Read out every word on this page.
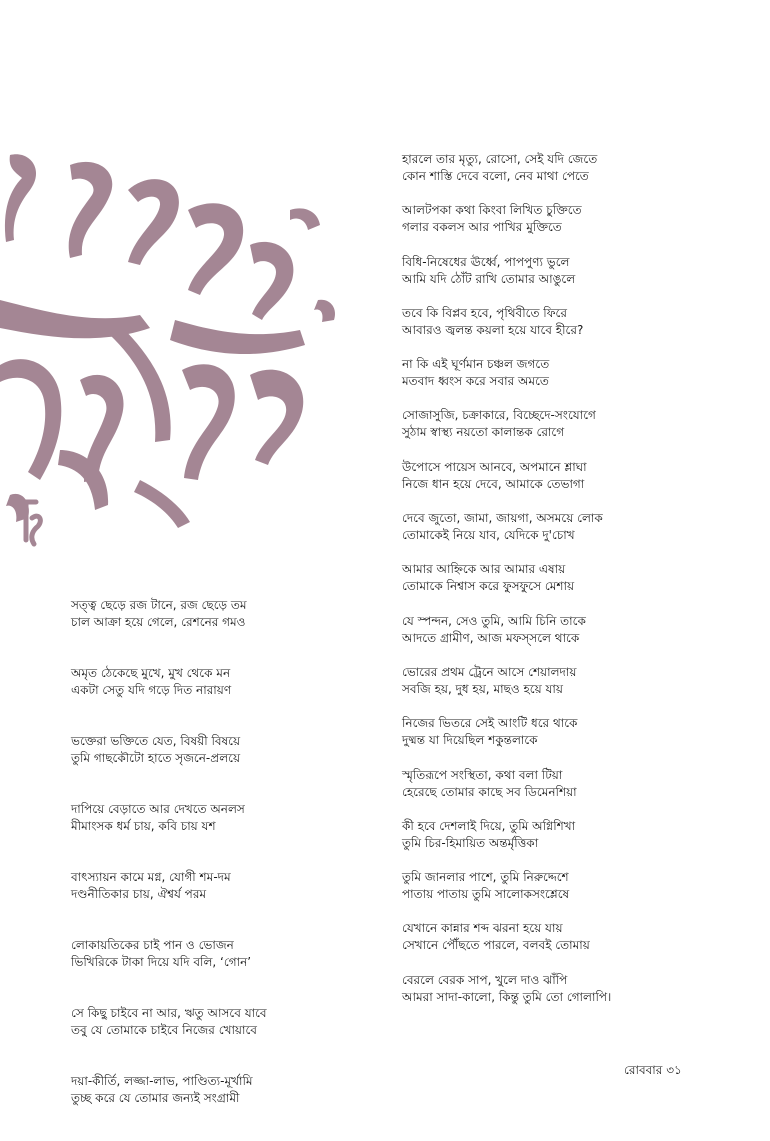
সত্ত্ব ছেড়ে রজ টানে, রজ ছেড়ে তম
চাল আক্রা হয়ে গেলে, রেশনের গমও
অমৃত ঠেকেছে মুখে, মুখ থেকে মন
একটা সেতু যদি গড়ে দিত নারায়ণ
ভক্তেরা ভক্তিতে যেত, বিষয়ী বিষয়ে
তুমি গাছকৌটো হাতে সৃজনে-প্রলয়ে
দাপিয়ে বেড়াতে আর দেখতে অনলস
মীমাংসক ধর্ম চায়, কবি চায় যশ
বাৎস্যায়ন কামে মগ্ন, যোগী শম-দম
দণ্ডনীতিকার চায়, ঐশ্বর্য পরম
লোকায়তিকের চাই পান ও ভোজন
ভিখিরিকে টাকা দিয়ে যদি বলি, ‘গোন’
সে কিছু চাইবে না আর, ঋতু আসবে যাবে
তবু যে তোমাকে চাইবে নিজের খোয়াবে
দয়া-কীর্তি, লজ্জা-লাভ, পাণ্ডিত্য-মূর্খামি
তুচ্ছ করে যে তোমার জন্যই সংগ্রামী
হারলে তার মৃত্যু, রোসো, সেই যদি জেতে
কোন শাস্তি দেবে বলো, নেব মাথা পেতে
আলটপকা কথা কিংবা লিখিত চুক্তিতে
গলার বকলস আর পাখির মুক্তিতে
বিধি-নিষেধের ঊর্ধ্বে, পাপপুণ্য ভুলে
আমি যদি ঠোঁট রাখি তোমার আঙুলে
তবে কি বিপ্লব হবে, পৃথিবীতে ফিরে
আবারও জ্বলন্ত কয়লা হয়ে যাবে হীরে?
না কি এই ঘূর্ণমান চঞ্চল জগতে
মতবাদ ধ্বংস করে সবার অমতে
সোজাসুজি, চক্রাকারে, বিচ্ছেদে-সংযোগে
সুঠাম স্বাস্থ্য নয়তো কালান্তক রোগে
উপোসে পায়েস আনবে, অপমানে শ্লাঘা
নিজে ধান হয়ে দেবে, আমাকে তেভাগা
দেবে জুতো, জামা, জায়গা, অসময়ে লোক
তোমাকেই নিয়ে যাব, যেদিকে দু'চোখ
আমার আহ্নিকে আর আমার এষায়
তোমাকে নিশ্বাস করে ফুসফুসে মেশায়
যে স্পন্দন, সেও তুমি, আমি চিনি তাকে
আদতে গ্রামীণ, আজ মফস্সলে থাকে
ভোরের প্রথম ট্রেনে আসে শেয়ালদায়
সবজি হয়, দুধ হয়, মাছও হয়ে যায়
নিজের ভিতরে সেই আংটি ধরে থাকে
দুষ্মন্ত যা দিয়েছিল শকুন্তলাকে
স্মৃতিরূপে সংস্থিতা, কথা বলা টিয়া
হেরেছে তোমার কাছে সব ডিমেনশিয়া
কী হবে দেশলাই দিয়ে, তুমি অগ্নিশিখা
তুমি চির-হিমায়িত অন্তর্মৃত্তিকা
তুমি জানলার পাশে, তুমি নিরুদ্দেশে
পাতায় পাতায় তুমি সালোকসংশ্লেষে
যেখানে কান্নার শব্দ ঝরনা হয়ে যায়
সেখানে পৌঁছতে পারলে, বলবই তোমায়
বেরলে বেরক সাপ, খুলে দাও ঝাঁপি
আমরা সাদা-কালো, কিন্তু তুমি তো গোলাপি।
রোববার ৩১
